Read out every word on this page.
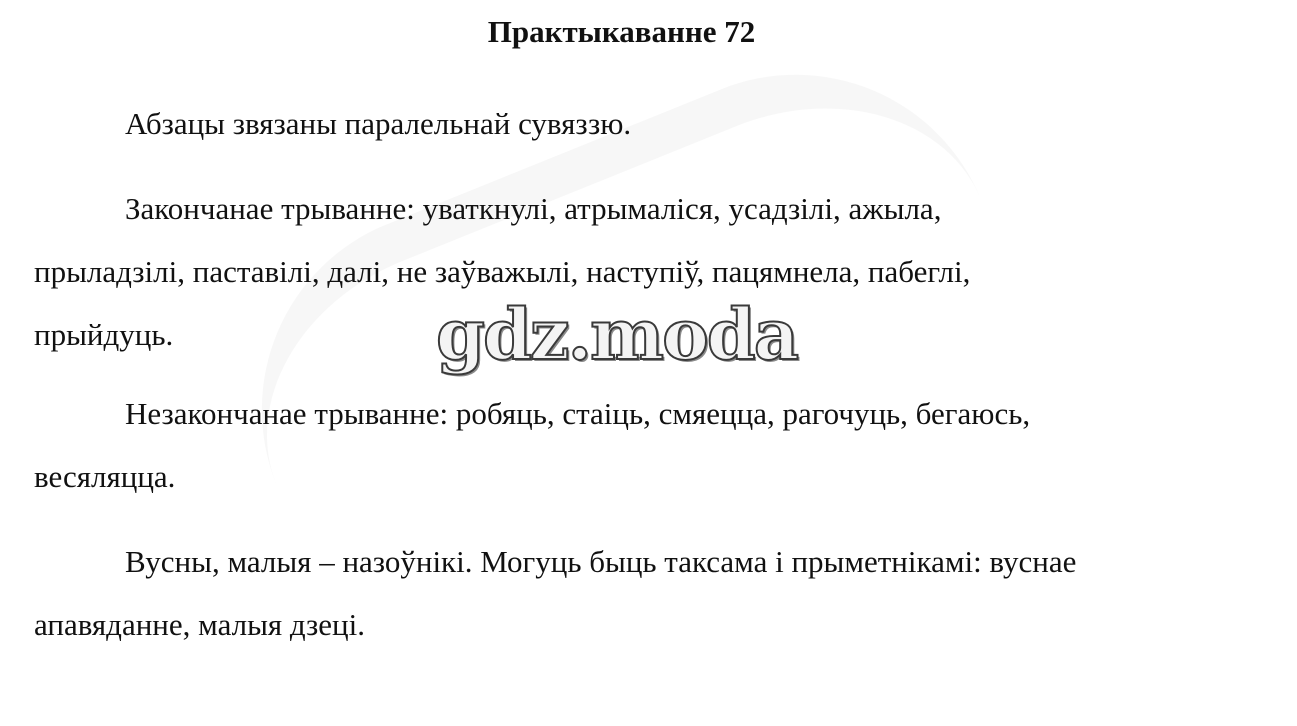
Практыкаванне 72

Абзацы звязаны паралельнай сувяззю.

Закончанае трыванне: уваткнулі, атрымаліся, усадзілі, ажыла,
прыладзілі, паставілі, далі, не заўважылі, наступіў, пацямнела, пабеглі,
прыйдуць.

Незакончанае трыванне: робяць, стаіць, смяецца, рагочуць, бегаюсь,
весяляцца.

Вусны, малыя – назоўнікі. Могуць быць таксама і прыметнікамі: вуснае
апавяданне, малыя дзеці.

gdz.moda
